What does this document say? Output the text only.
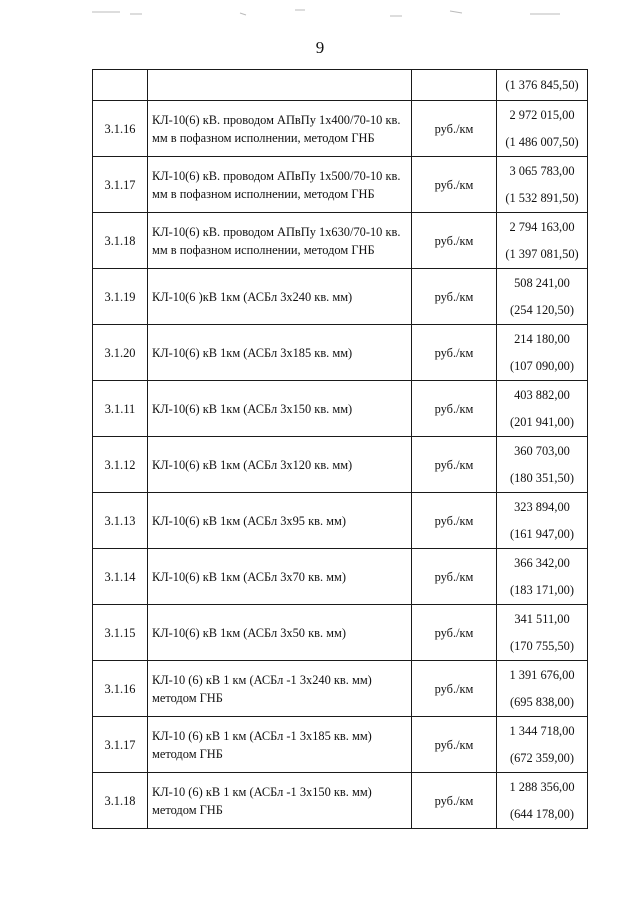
9
			(1 376 845,50)
3.1.16	КЛ-10(6) кВ. проводом АПвПу 1х400/70-10 кв. мм в пофазном исполнении, методом ГНБ	руб./км	2 972 015,00
(1 486 007,50)

3.1.17	КЛ-10(6) кВ. проводом АПвПу 1х500/70-10 кв. мм в пофазном исполнении, методом ГНБ	руб./км	3 065 783,00
(1 532 891,50)

3.1.18	КЛ-10(6) кВ. проводом АПвПу 1х630/70-10 кв. мм в пофазном исполнении, методом ГНБ	руб./км	2 794 163,00
(1 397 081,50)

3.1.19	КЛ-10(6 )кВ 1км (АСБл 3х240 кв. мм)	руб./км	508 241,00
(254 120,50)

3.1.20	КЛ-10(6) кВ 1км (АСБл 3х185 кв. мм)	руб./км	214 180,00
(107 090,00)

3.1.11	КЛ-10(6) кВ 1км (АСБл 3х150 кв. мм)	руб./км	403 882,00
(201 941,00)

3.1.12	КЛ-10(6) кВ 1км (АСБл 3х120 кв. мм)	руб./км	360 703,00
(180 351,50)

3.1.13	КЛ-10(6) кВ 1км (АСБл 3х95 кв. мм)	руб./км	323 894,00
(161 947,00)

3.1.14	КЛ-10(6) кВ 1км (АСБл 3х70 кв. мм)	руб./км	366 342,00
(183 171,00)

3.1.15	КЛ-10(6) кВ 1км (АСБл 3х50 кв. мм)	руб./км	341 511,00
(170 755,50)

3.1.16	КЛ-10 (6) кВ 1 км (АСБл -1 3х240 кв. мм) методом ГНБ	руб./км	1 391 676,00
(695 838,00)

3.1.17	КЛ-10 (6) кВ 1 км (АСБл -1 3х185 кв. мм) методом ГНБ	руб./км	1 344 718,00
(672 359,00)

3.1.18	КЛ-10 (6) кВ 1 км (АСБл -1 3х150 кв. мм) методом ГНБ	руб./км	1 288 356,00
(644 178,00)
